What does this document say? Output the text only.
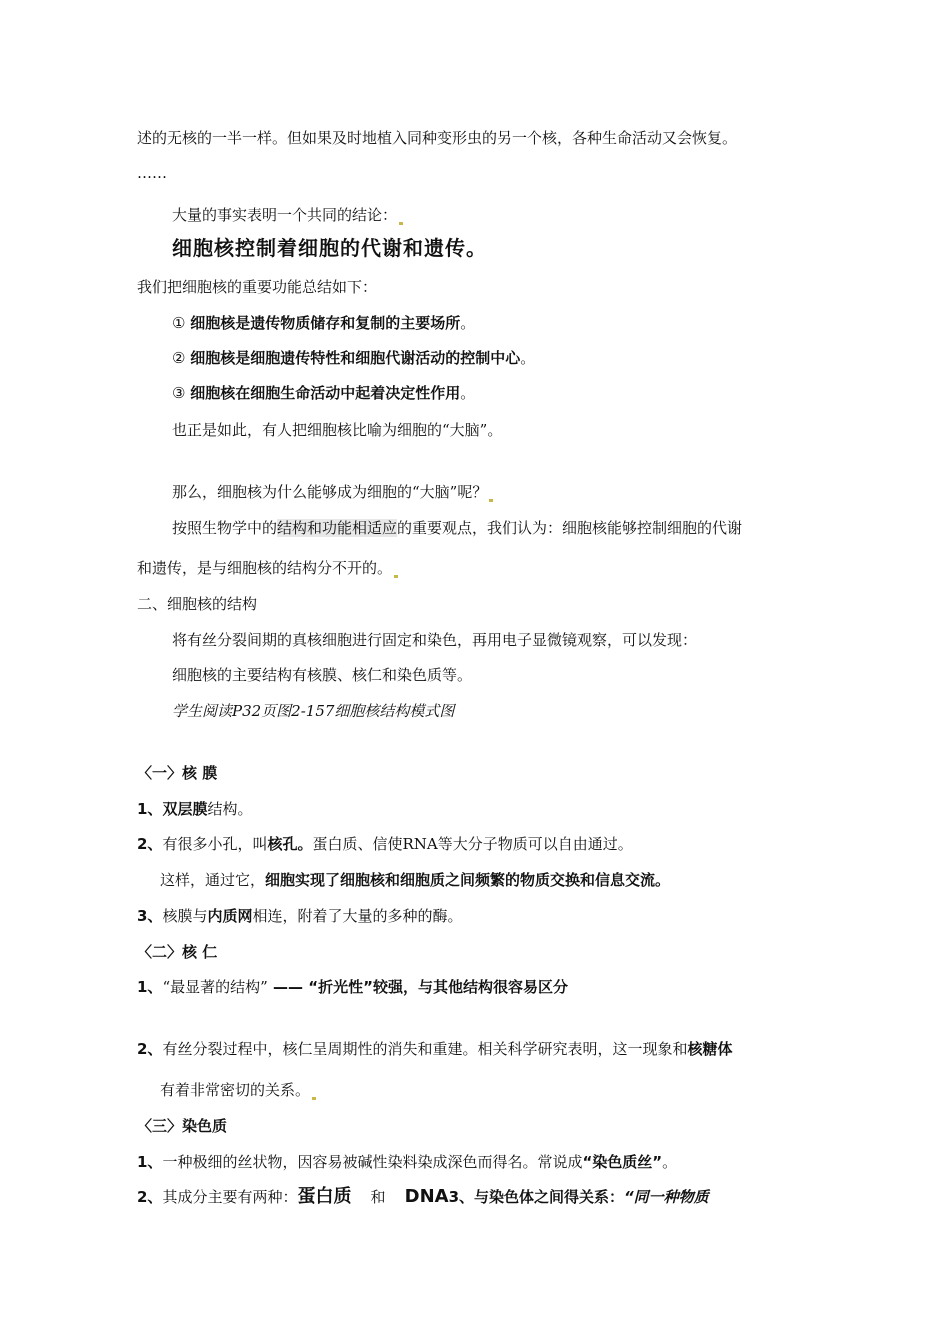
述的无核的一半一样。但如果及时地植入同种变形虫的另一个核，各种生命活动又会恢复。
……
大量的事实表明一个共同的结论：
细胞核控制着细胞的代谢和遗传。
我们把细胞核的重要功能总结如下：
① 细胞核是遗传物质储存和复制的主要场所。
② 细胞核是细胞遗传特性和细胞代谢活动的控制中心。
③ 细胞核在细胞生命活动中起着决定性作用。
也正是如此，有人把细胞核比喻为细胞的“大脑”。
那么，细胞核为什么能够成为细胞的“大脑”呢？
按照生物学中的结构和功能相适应的重要观点，我们认为：细胞核能够控制细胞的代谢
和遗传，是与细胞核的结构分不开的。
二、细胞核的结构
将有丝分裂间期的真核细胞进行固定和染色，再用电子显微镜观察，可以发现：
细胞核的主要结构有核膜、核仁和染色质等。
学生阅读P32页图2-157细胞核结构模式图
〈一〉核 膜
1、双层膜结构。
2、有很多小孔，叫核孔。蛋白质、信使RNA等大分子物质可以自由通过。
这样，通过它，细胞实现了细胞核和细胞质之间频繁的物质交换和信息交流。
3、核膜与内质网相连，附着了大量的多种的酶。
〈二〉核 仁
1、“最显著的结构” —— “折光性”较强，与其他结构很容易区分
2、有丝分裂过程中，核仁呈周期性的消失和重建。相关科学研究表明，这一现象和核糖体
有着非常密切的关系。
〈三〉染色质
1、一种极细的丝状物，因容易被碱性染料染成深色而得名。常说成“染色质丝”。
2、其成分主要有两种：蛋白质 和 DNA3、与染色体之间得关系：“同一种物质
